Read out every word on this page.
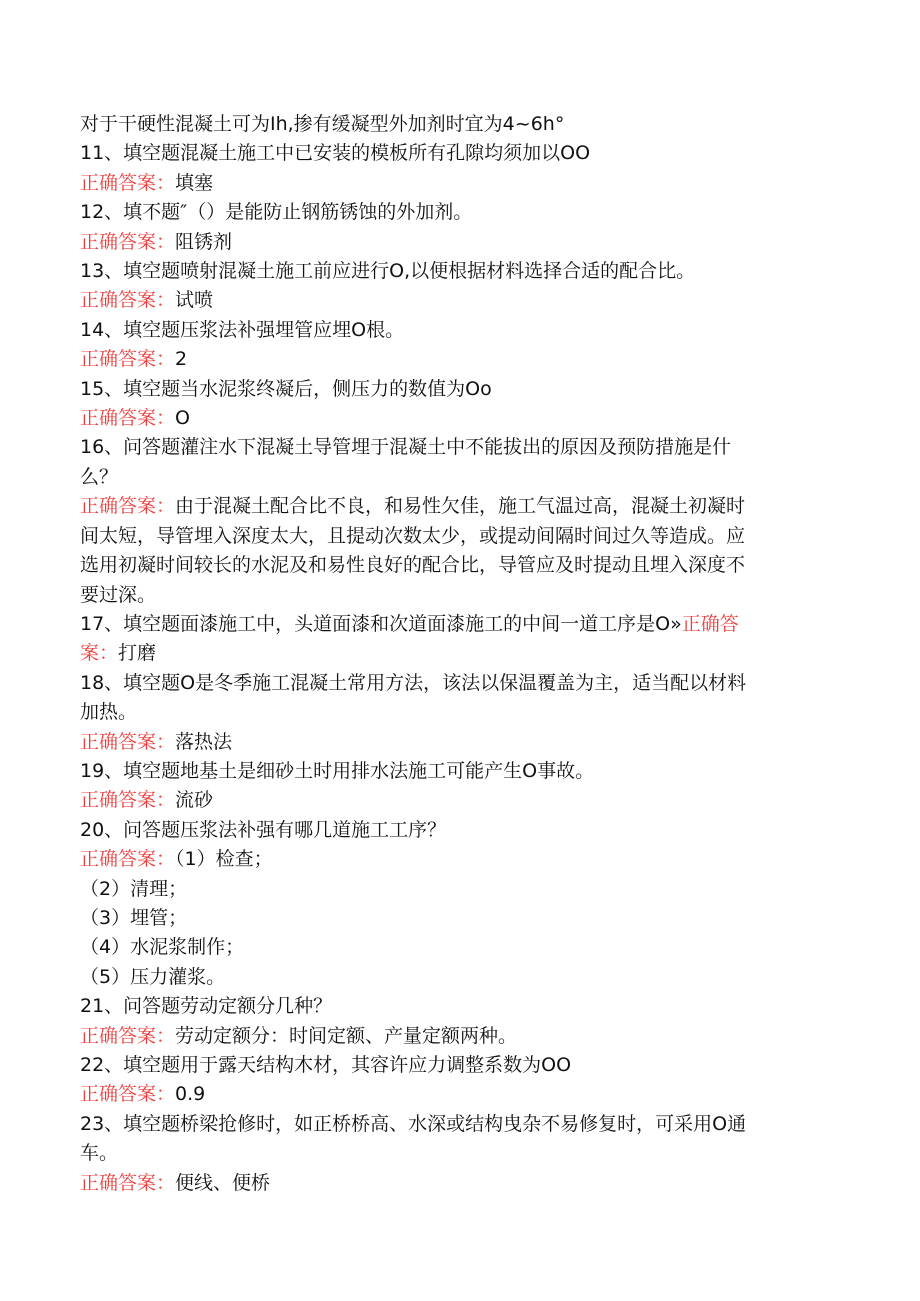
对于干硬性混凝土可为Ih,掺有缓凝型外加剂时宜为4~6h°
11、填空题混凝土施工中已安装的模板所有孔隙均须加以OO
正确答案：填塞
12、填不题″（）是能防止钢筋锈蚀的外加剂。
正确答案：阻锈剂
13、填空题喷射混凝土施工前应进行O,以便根据材料选择合适的配合比。
正确答案：试喷
14、填空题压浆法补强埋管应埋O根。
正确答案：2
15、填空题当水泥浆终凝后，侧压力的数值为Oo
正确答案：O
16、问答题灌注水下混凝土导管埋于混凝土中不能拔出的原因及预防措施是什
么？
正确答案：由于混凝土配合比不良，和易性欠佳，施工气温过高，混凝土初凝时
间太短，导管埋入深度太大，且提动次数太少，或提动间隔时间过久等造成。应
选用初凝时间较长的水泥及和易性良好的配合比，导管应及时提动且埋入深度不
要过深。
17、填空题面漆施工中，头道面漆和次道面漆施工的中间一道工序是O»正确答
案：打磨
18、填空题O是冬季施工混凝土常用方法，该法以保温覆盖为主，适当配以材料
加热。
正确答案：落热法
19、填空题地基土是细砂土时用排水法施工可能产生O事故。
正确答案：流砂
20、问答题压浆法补强有哪几道施工工序？
正确答案：（1）检查；
（2）清理；
（3）埋管；
（4）水泥浆制作；
（5）压力灌浆。
21、问答题劳动定额分几种？
正确答案：劳动定额分：时间定额、产量定额两种。
22、填空题用于露天结构木材，其容许应力调整系数为OO
正确答案：0.9
23、填空题桥梁抢修时，如正桥桥高、水深或结构曳杂不易修复时，可采用O通
车。
正确答案：便线、便桥
